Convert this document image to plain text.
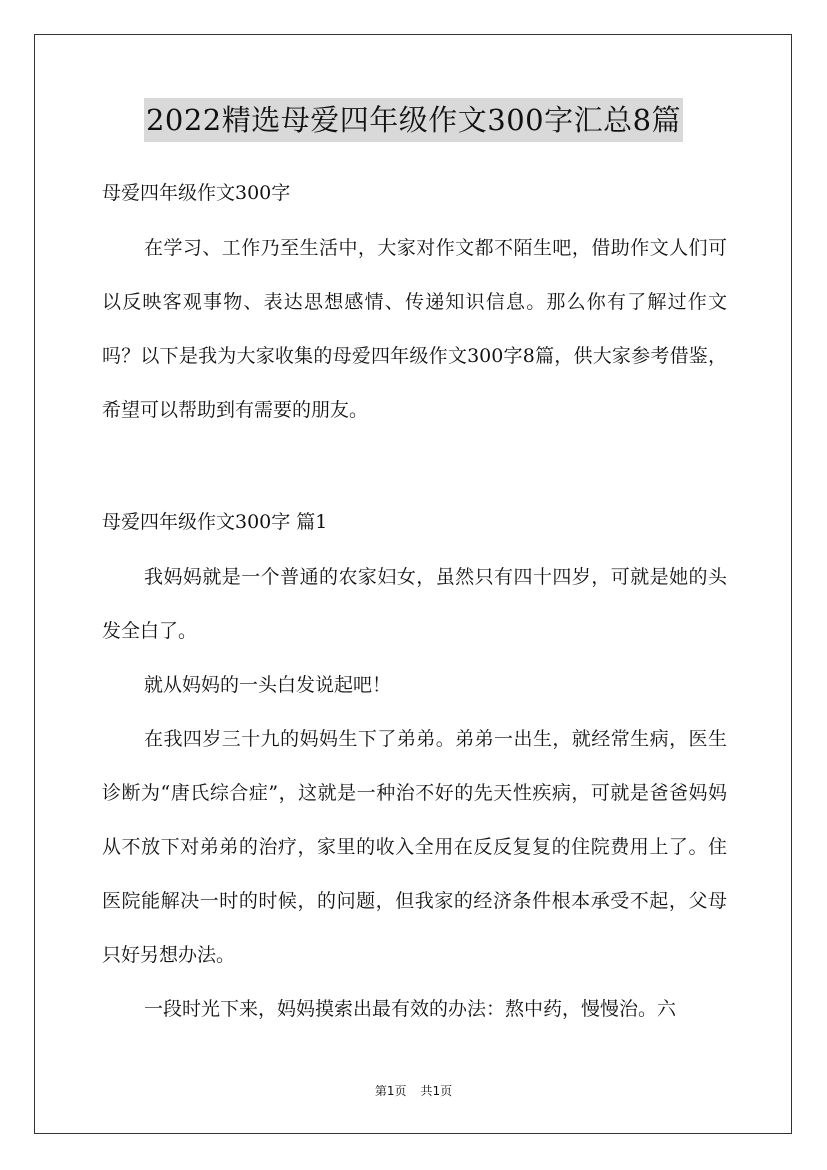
2022精选母爱四年级作文300字汇总8篇

母爱四年级作文300字

在学习、工作乃至生活中，大家对作文都不陌生吧，借助作文人们可以反映客观事物、表达思想感情、传递知识信息。那么你有了解过作文吗？以下是我为大家收集的母爱四年级作文300字8篇，供大家参考借鉴，希望可以帮助到有需要的朋友。

母爱四年级作文300字 篇1

我妈妈就是一个普通的农家妇女，虽然只有四十四岁，可就是她的头发全白了。

就从妈妈的一头白发说起吧！

在我四岁三十九的妈妈生下了弟弟。弟弟一出生，就经常生病，医生诊断为“唐氏综合症”，这就是一种治不好的先天性疾病，可就是爸爸妈妈从不放下对弟弟的治疗，家里的收入全用在反反复复的住院费用上了。住医院能解决一时的时候，的问题，但我家的经济条件根本承受不起，父母只好另想办法。

一段时光下来，妈妈摸索出最有效的办法：熬中药，慢慢治。六

第1页 共1页
